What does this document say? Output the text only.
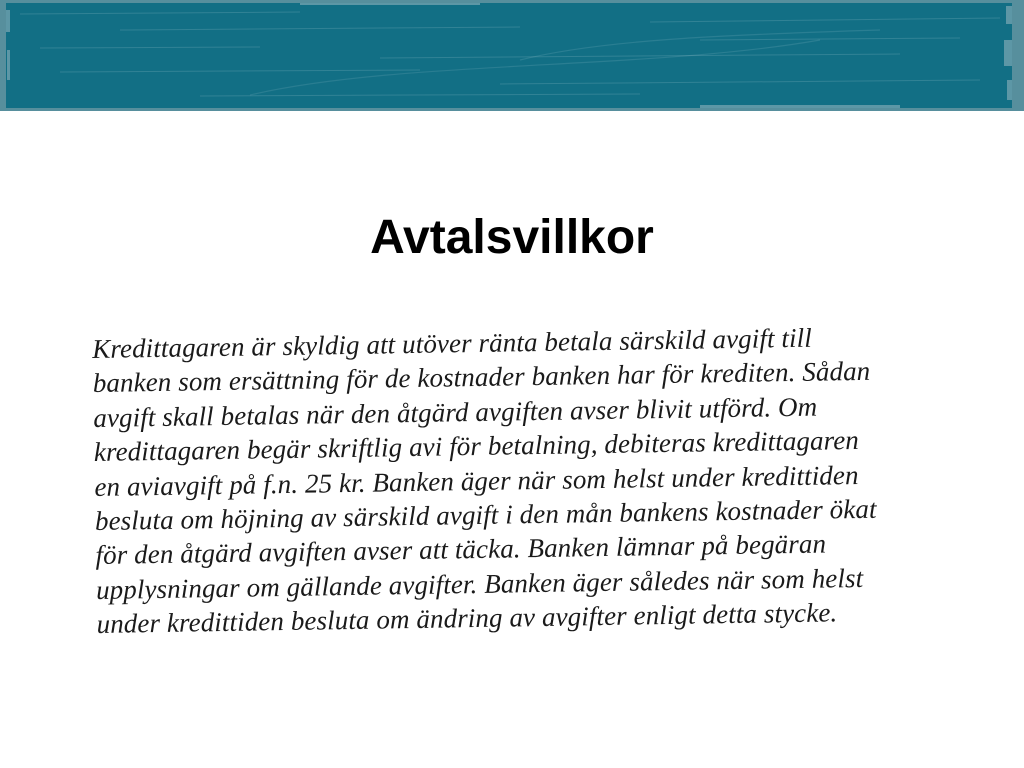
Avtalsvillkor
Kredittagaren är skyldig att utöver ränta betala särskild avgift till
banken som ersättning för de kostnader banken har för krediten. Sådan
avgift skall betalas när den åtgärd avgiften avser blivit utförd. Om
kredittagaren begär skriftlig avi för betalning, debiteras kredittagaren
en aviavgift på f.n. 25 kr. Banken äger när som helst under kredittiden
besluta om höjning av särskild avgift i den mån bankens kostnader ökat
för den åtgärd avgiften avser att täcka. Banken lämnar på begäran
upplysningar om gällande avgifter. Banken äger således när som helst
under kredittiden besluta om ändring av avgifter enligt detta stycke.
